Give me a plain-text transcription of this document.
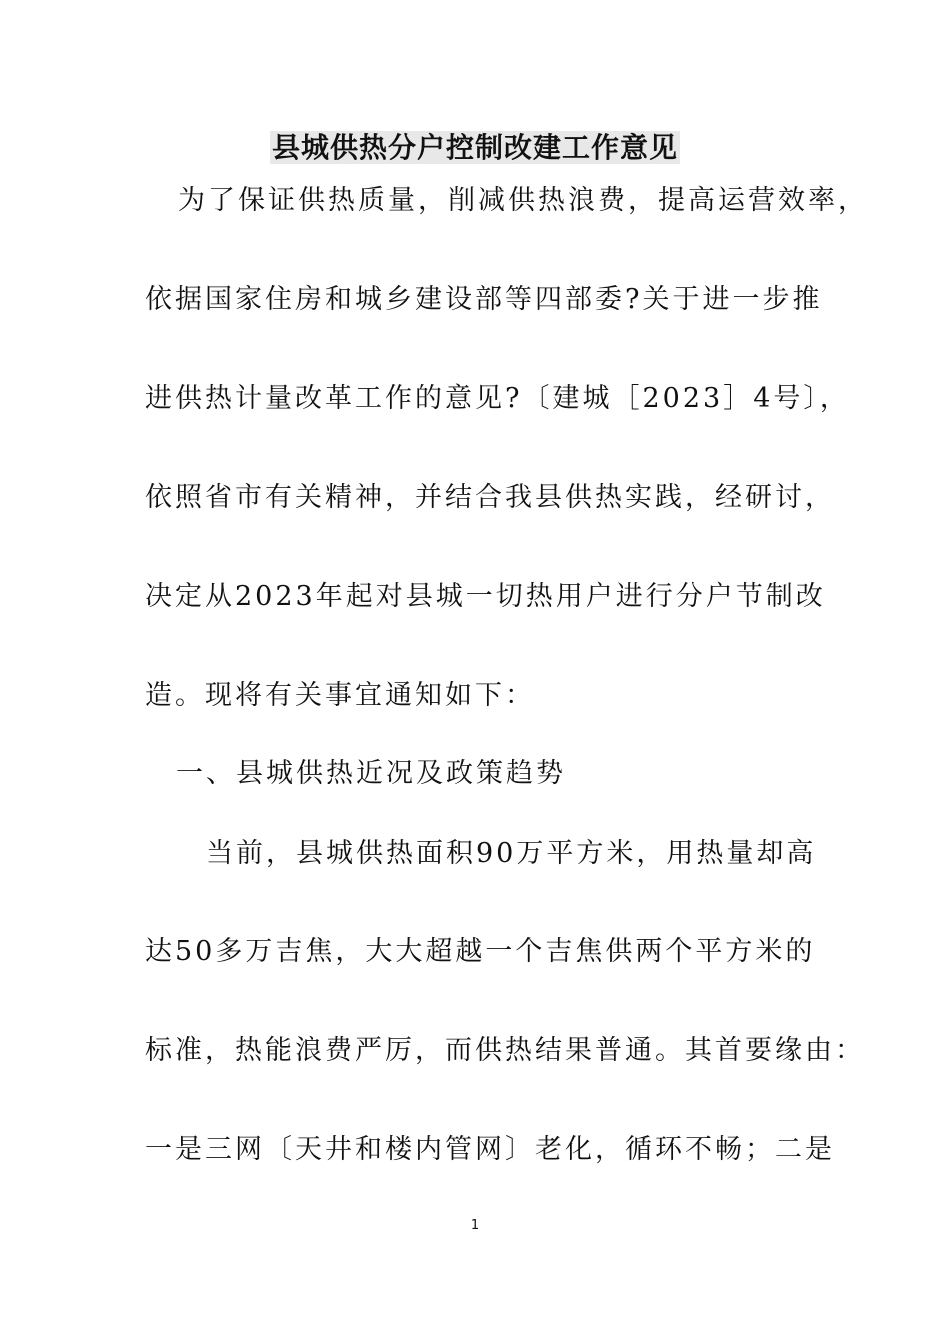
县城供热分户控制改建工作意见
为了保证供热质量，削减供热浪费，提高运营效率，
依据国家住房和城乡建设部等四部委?关于进一步推
进供热计量改革工作的意见?〔建城［2023］4号〕，
依照省市有关精神，并结合我县供热实践，经研讨，
决定从2023年起对县城一切热用户进行分户节制改
造。现将有关事宜通知如下：
一、县城供热近况及政策趋势
当前，县城供热面积90万平方米，用热量却高
达50多万吉焦，大大超越一个吉焦供两个平方米的
标准，热能浪费严厉，而供热结果普通。其首要缘由：
一是三网〔天井和楼内管网〕老化，循环不畅；二是
1
